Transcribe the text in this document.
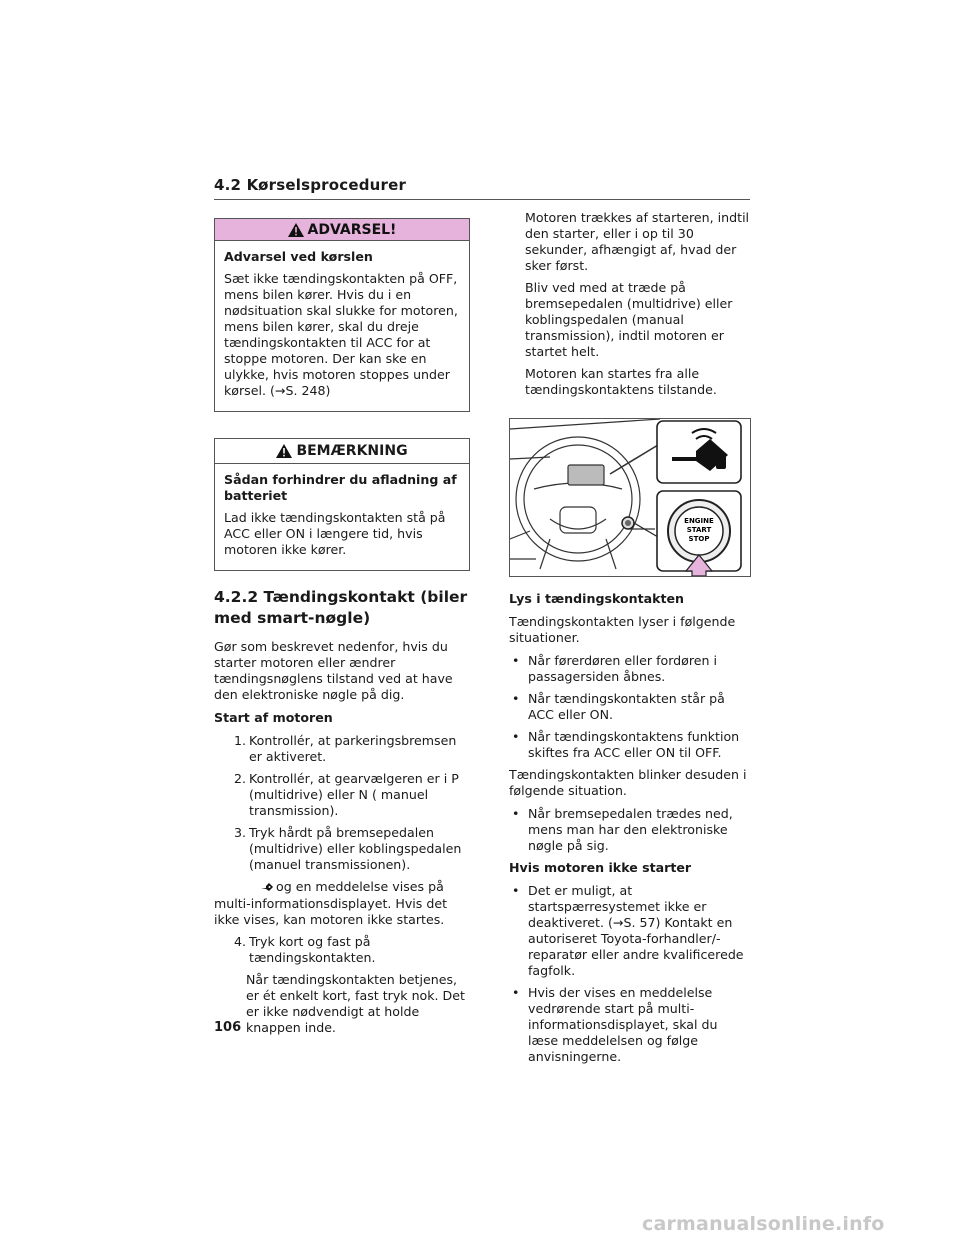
4.2 Kørselsprocedurer
ADVARSEL!

Advarsel ved kørslen

Sæt ikke tændingskontakten på OFF, mens bilen kører. Hvis du i en nødsituation skal slukke for motoren, mens bilen kører, skal du dreje tændingskontakten til ACC for at stoppe motoren. Der kan ske en ulykke, hvis motoren stoppes under kørsel. (→S. 248)

BEMÆRKNING

Sådan forhindrer du afladning af batteriet

Lad ikke tændingskontakten stå på ACC eller ON i længere tid, hvis motoren ikke kører.

4.2.2 Tændingskontakt (biler med smart-nøgle)

Gør som beskrevet nedenfor, hvis du starter motoren eller ændrer tændingsnøglens tilstand ved at have den elektroniske nøgle på dig.

Start af motoren

1. Kontrollér, at parkeringsbremsen er aktiveret.
2. Kontrollér, at gearvælgeren er i P (multidrive) eller N ( manuel transmission).
3. Tryk hårdt på bremsepedalen (multidrive) eller koblingspedalen (manuel transmissionen).
og en meddelelse vises på multi-informationsdisplayet. Hvis det ikke vises, kan motoren ikke startes.
4. Tryk kort og fast på tændingskontakten.
Når tændingskontakten betjenes, er ét enkelt kort, fast tryk nok. Det er ikke nødvendigt at holde knappen inde.
Motoren trækkes af starteren, indtil den starter, eller i op til 30 sekunder, afhængigt af, hvad der sker først.
Bliv ved med at træde på bremsepedalen (multidrive) eller koblingspedalen (manual transmission), indtil motoren er startet helt.
Motoren kan startes fra alle tændingskontaktens tilstande.
ENGINE
START
STOP

Lys i tændingskontakten

Tændingskontakten lyser i følgende situationer.

• Når førerdøren eller fordøren i passagersiden åbnes.
• Når tændingskontakten står på ACC eller ON.
• Når tændingskontaktens funktion skiftes fra ACC eller ON til OFF.

Tændingskontakten blinker desuden i følgende situation.

• Når bremsepedalen trædes ned, mens man har den elektroniske nøgle på sig.

Hvis motoren ikke starter

• Det er muligt, at startspærresystemet ikke er deaktiveret. (→S. 57) Kontakt en autoriseret Toyota-forhandler/-reparatør eller andre kvalificerede fagfolk.
• Hvis der vises en meddelelse vedrørende start på multi-informationsdisplayet, skal du læse meddelelsen og følge anvisningerne.
106
carmanualsonline.info
